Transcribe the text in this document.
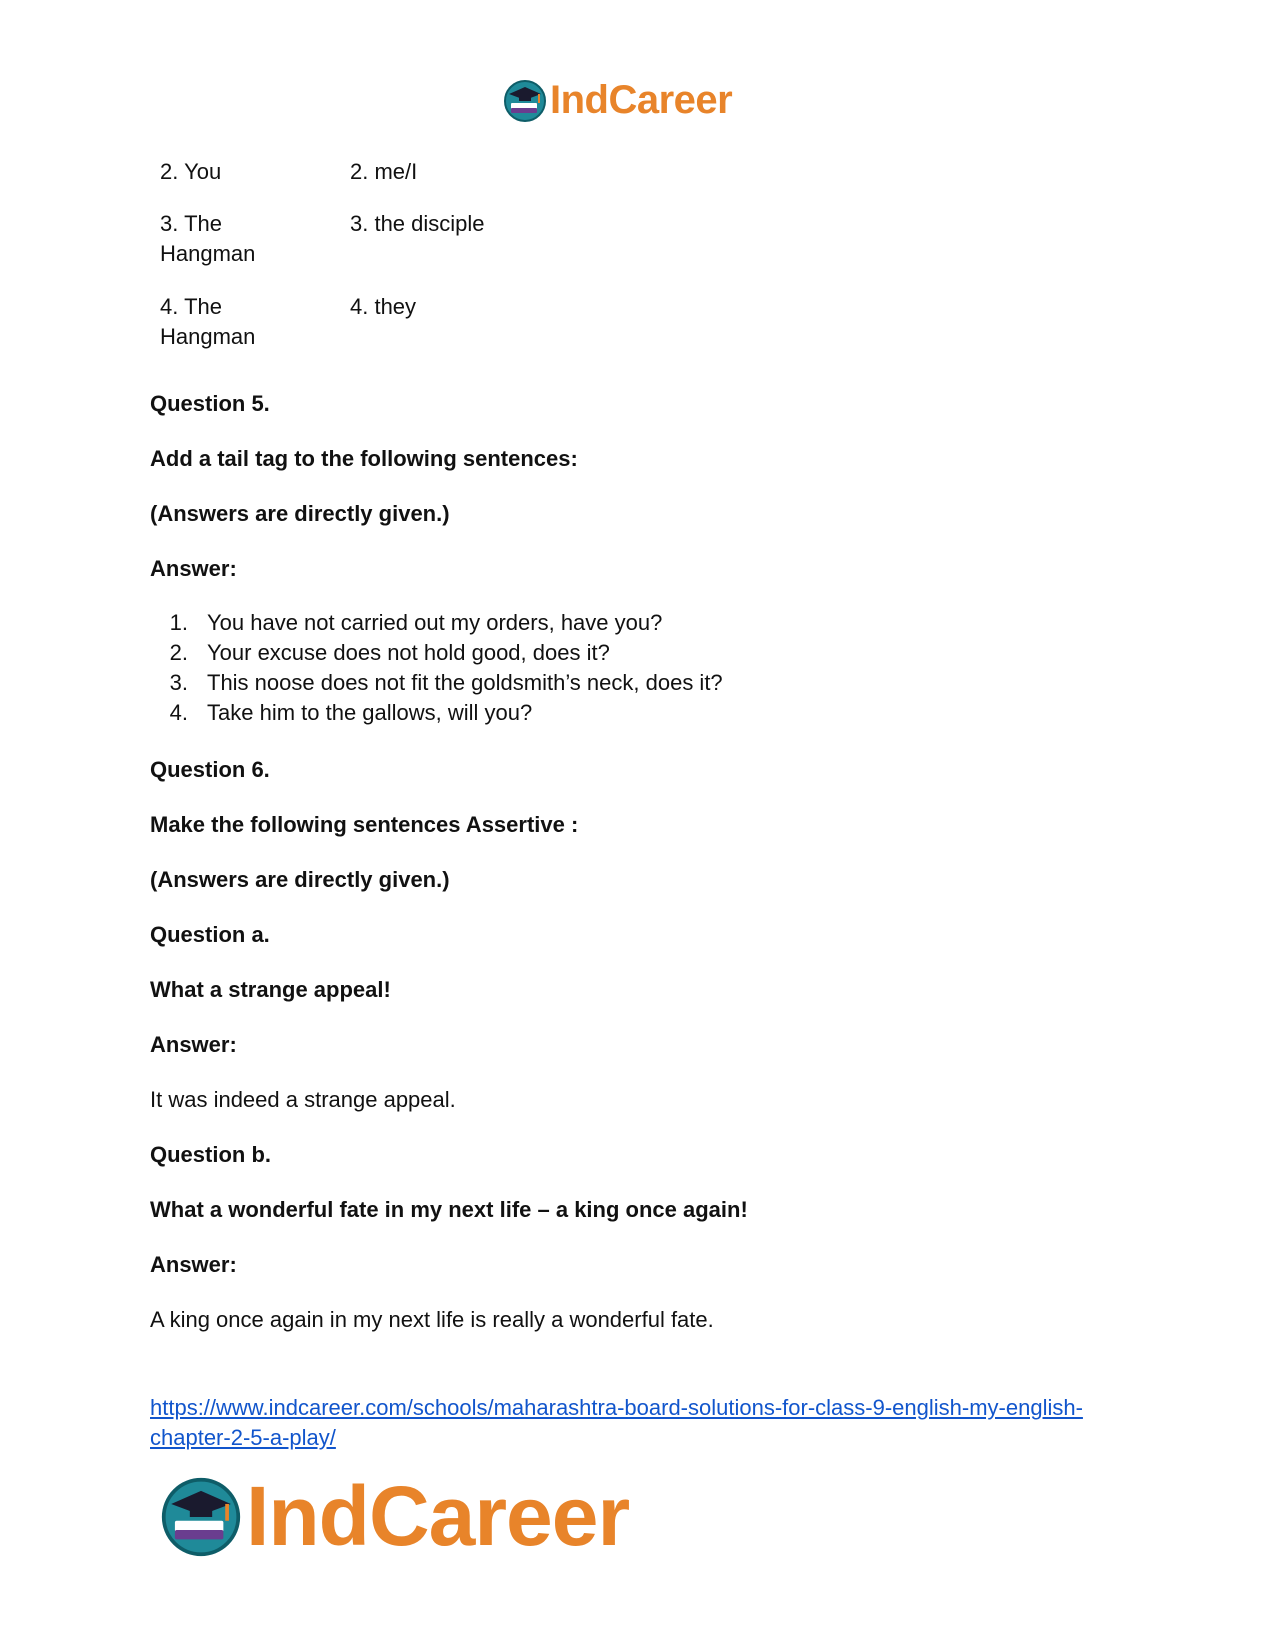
IndCareer
2. You	2. me/I
3. The Hangman
3. the disciple
4. The Hangman
4. they
Question 5.
Add a tail tag to the following sentences:
(Answers are directly given.)
Answer:
1. You have not carried out my orders, have you?
2. Your excuse does not hold good, does it?
3. This noose does not fit the goldsmith’s neck, does it?
4. Take him to the gallows, will you?
Question 6.
Make the following sentences Assertive :
(Answers are directly given.)
Question a.
What a strange appeal!
Answer:
It was indeed a strange appeal.
Question b.
What a wonderful fate in my next life – a king once again!
Answer:
A king once again in my next life is really a wonderful fate.
https://www.indcareer.com/schools/maharashtra-board-solutions-for-class-9-english-my-english-chapter-2-5-a-play/
IndCareer
